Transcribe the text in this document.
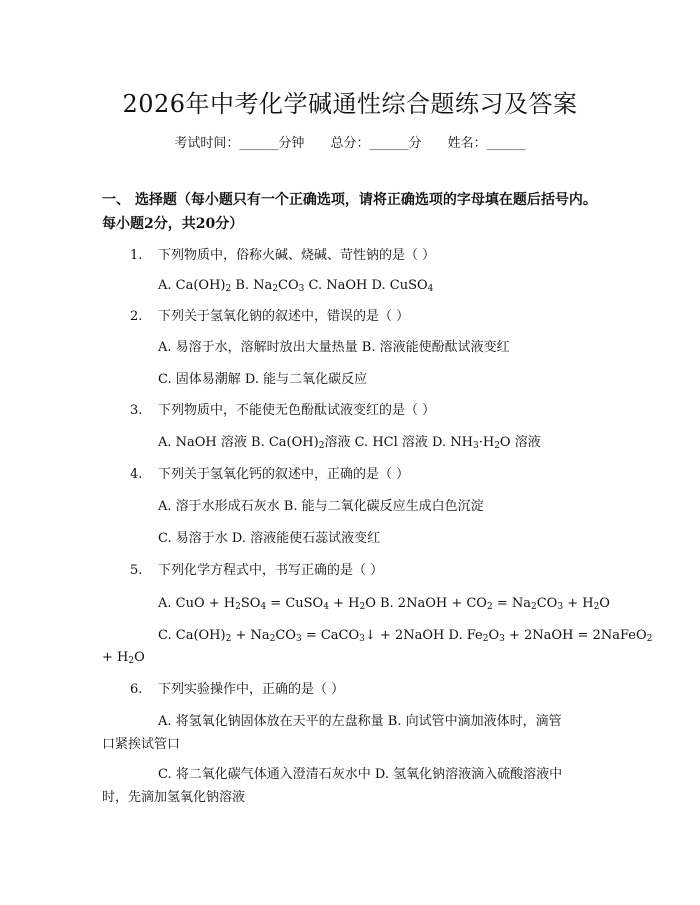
2026年中考化学碱通性综合题练习及答案
考试时间：______分钟 总分：______分 姓名：______
一、 选择题（每小题只有一个正确选项，请将正确选项的字母填在题后括号内。
每小题2分，共20分）
1. 下列物质中，俗称火碱、烧碱、苛性钠的是（ ）
A. $Ca(OH)_2$ B. $Na_2CO_3$ C. NaOH D. CuSO$_4$
2. 下列关于氢氧化钠的叙述中，错误的是（ ）
A. 易溶于水，溶解时放出大量热量 B. 溶液能使酚酞试液变红
C. 固体易潮解 D. 能与二氧化碳反应
3. 下列物质中，不能使无色酚酞试液变红的是（ ）
A. NaOH 溶液 B. $Ca(OH)_2$溶液 C. HCl 溶液 D. $NH_3\cdot H_2O$ 溶液
4. 下列关于氢氧化钙的叙述中，正确的是（ ）
A. 溶于水形成石灰水 B. 能与二氧化碳反应生成白色沉淀
C. 易溶于水 D. 溶液能使石蕊试液变红
5. 下列化学方程式中，书写正确的是（ ）
A. CuO + $H_2SO_4$ = CuSO$_4$ + $H_2O$ B. 2NaOH + $CO_2 = Na_2CO_3 + H_2O$
C. $Ca(OH)_2 + Na_2CO_3$ = CaCO$_3$↓ + 2NaOH D. $Fe_2O_3$ + 2NaOH = 2NaFeO$_2$
+ $H_2O$
6. 下列实验操作中，正确的是（ ）
A. 将氢氧化钠固体放在天平的左盘称量 B. 向试管中滴加液体时，滴管
口紧挨试管口
C. 将二氧化碳气体通入澄清石灰水中 D. 氢氧化钠溶液滴入硫酸溶液中
时，先滴加氢氧化钠溶液
